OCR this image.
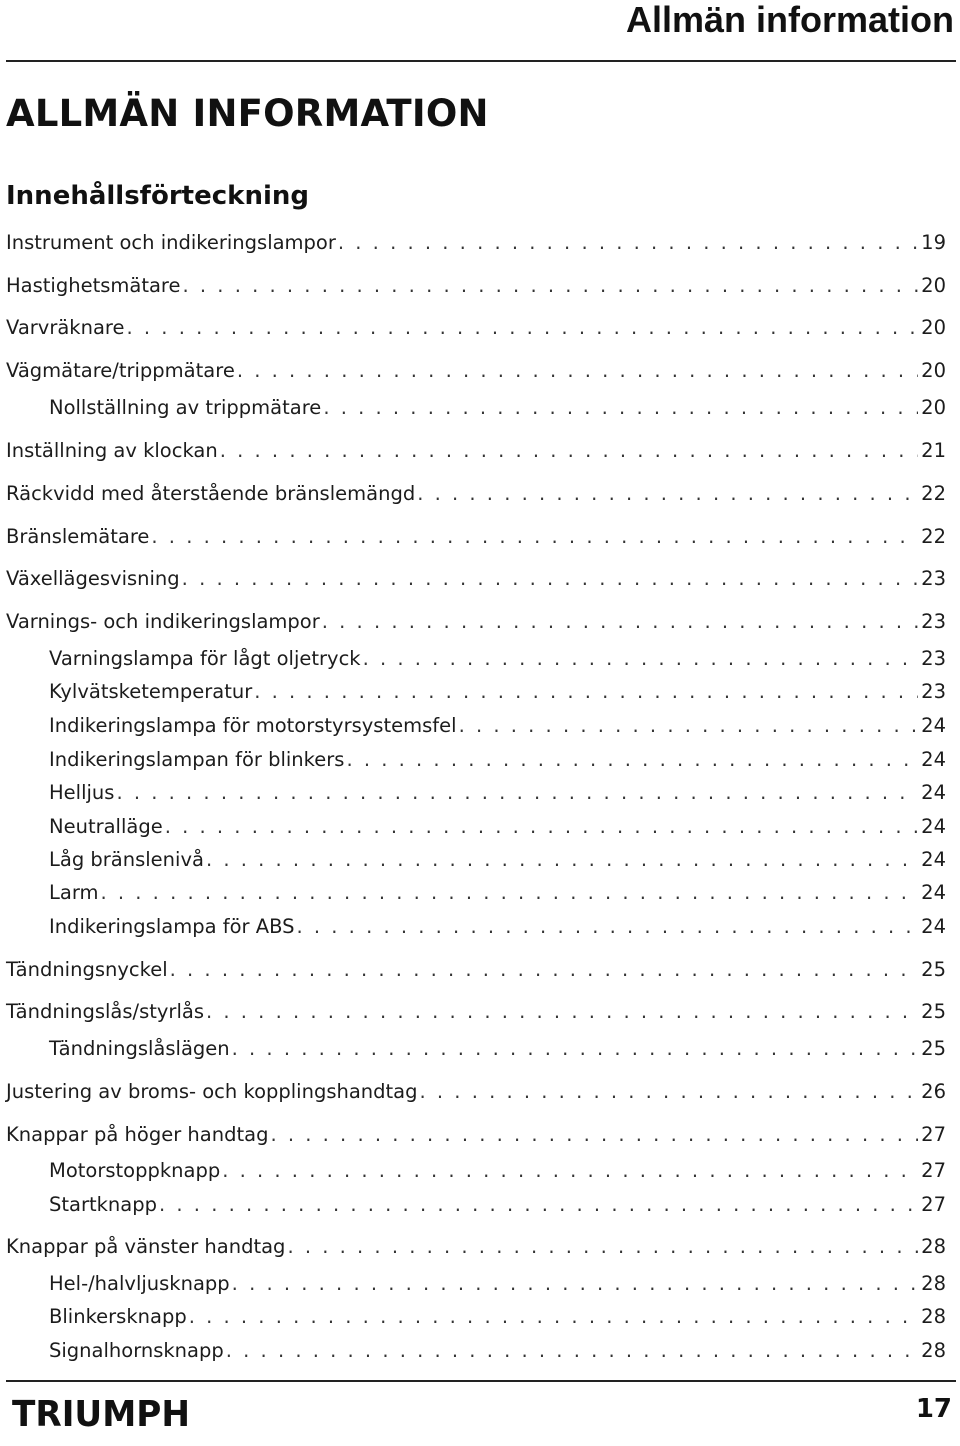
Allmän information
ALLMÄN INFORMATION
Innehållsförteckning
Instrument och indikeringslampor . . .	19
Hastighetsmätare . . .	20
Varvräknare . . .	20
Vägmätare/trippmätare . . .	20
Nollställning av trippmätare . . .	20
Inställning av klockan . . .	21
Räckvidd med återstående bränslemängd . . .	22
Bränslemätare . . .	22
Växellägesvisning . . .	23
Varnings- och indikeringslampor . . .	23
Varningslampa för lågt oljetryck . . .	23
Kylvätsketemperatur . . .	23
Indikeringslampa för motorstyrsystemsfel . . .	24
Indikeringslampan för blinkers . . .	24
Helljus . . .	24
Neutralläge . . .	24
Låg bränslenivå . . .	24
Larm . . .	24
Indikeringslampa för ABS . . .	24
Tändningsnyckel . . .	25
Tändningslås/styrlås . . .	25
Tändningslåslägen . . .	25
Justering av broms- och kopplingshandtag . . .	26
Knappar på höger handtag . . .	27
Motorstoppknapp . . .	27
Startknapp . . .	27
Knappar på vänster handtag . . .	28
Hel-/halvljusknapp . . .	28
Blinkersknapp . . .	28
Signalhornsknapp . . .	28
TRIUMPH	17
